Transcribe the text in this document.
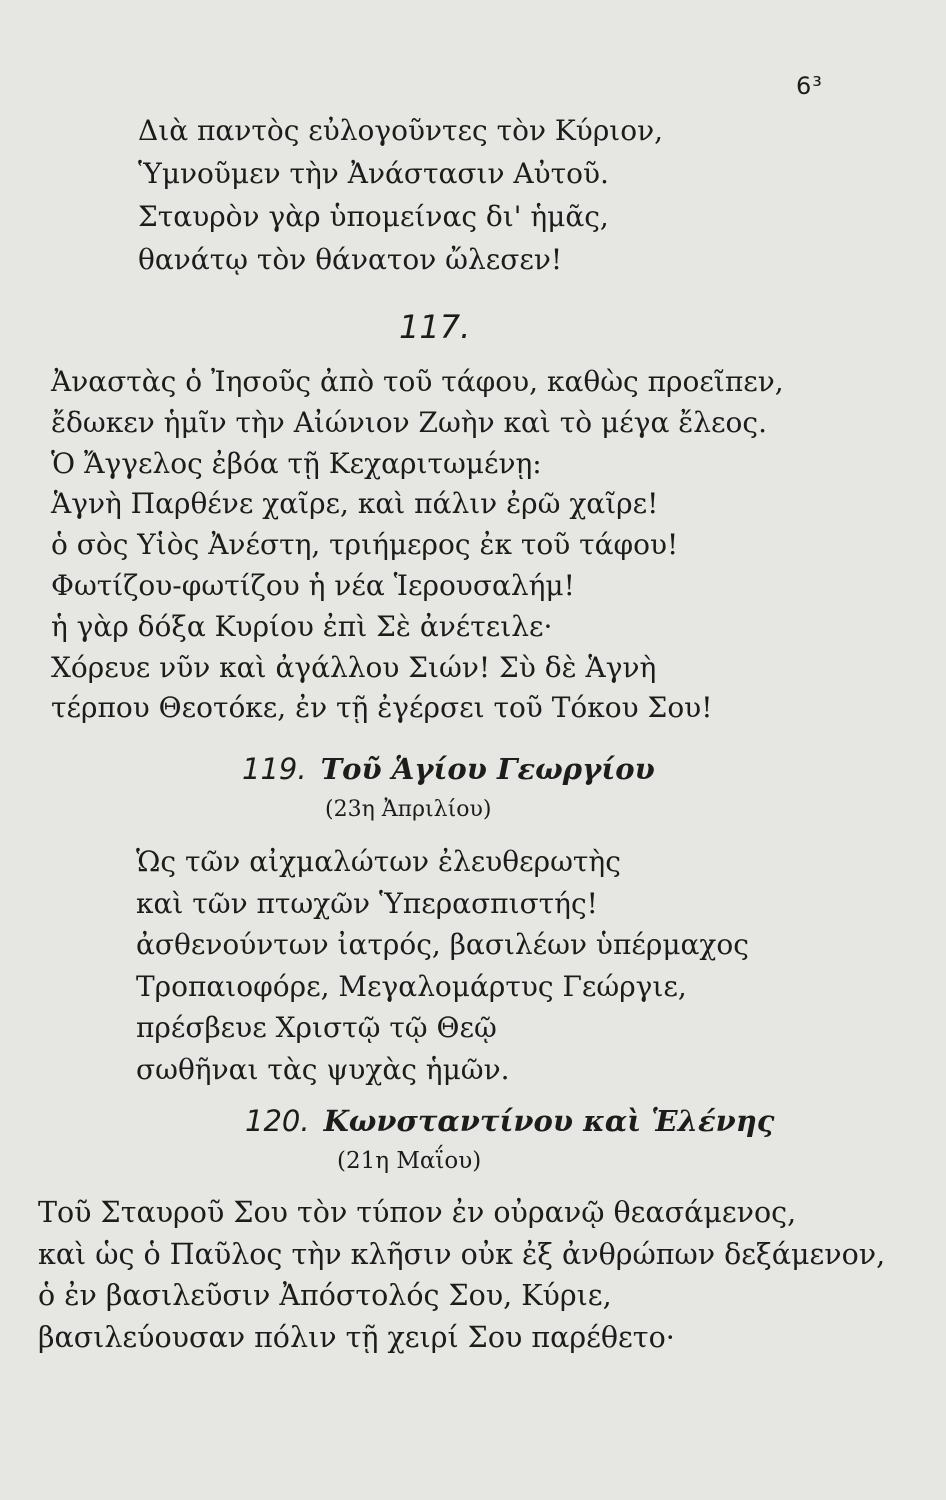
6³
Διὰ παντὸς εὐλογοῦντες τὸν Κύριον,
Ὑμνοῦμεν τὴν Ἀνάστασιν Αὐτοῦ.
Σταυρὸν γὰρ ὑπομείνας δι' ἡμᾶς,
θανάτῳ τὸν θάνατον ὤλεσεν!
117.
Ἀναστὰς ὁ Ἰησοῦς ἀπὸ τοῦ τάφου, καθὼς προεῖπεν,
ἔδωκεν ἡμῖν τὴν Αἰώνιον Ζωὴν καὶ τὸ μέγα ἔλεος.
Ὁ Ἄγγελος ἐβόα τῇ Κεχαριτωμένῃ:
Ἁγνὴ Παρθένε χαῖρε, καὶ πάλιν ἐρῶ χαῖρε!
ὁ σὸς Υἱὸς Ἀνέστη, τριήμερος ἐκ τοῦ τάφου!
Φωτίζου-φωτίζου ἡ νέα Ἱερουσαλήμ!
ἡ γὰρ δόξα Κυρίου ἐπὶ Σὲ ἀνέτειλε·
Χόρευε νῦν καὶ ἀγάλλου Σιών! Σὺ δὲ Ἁγνὴ
τέρπου Θεοτόκε, ἐν τῇ ἐγέρσει τοῦ Τόκου Σου!
119. Τοῦ Ἁγίου Γεωργίου
(23η Ἀπριλίου)
Ὡς τῶν αἰχμαλώτων ἐλευθερωτὴς
καὶ τῶν πτωχῶν Ὑπερασπιστής!
ἀσθενούντων ἰατρός, βασιλέων ὑπέρμαχος
Τροπαιοφόρε, Μεγαλομάρτυς Γεώργιε,
πρέσβευε Χριστῷ τῷ Θεῷ
σωθῆναι τὰς ψυχὰς ἡμῶν.
120. Κωνσταντίνου καὶ Ἑλένης
(21η Μαΐου)
Τοῦ Σταυροῦ Σου τὸν τύπον ἐν οὐρανῷ θεασάμενος,
καὶ ὡς ὁ Παῦλος τὴν κλῆσιν οὐκ ἐξ ἀνθρώπων δεξάμενον,
ὁ ἐν βασιλεῦσιν Ἀπόστολός Σου, Κύριε,
βασιλεύουσαν πόλιν τῇ χειρί Σου παρέθετο·
